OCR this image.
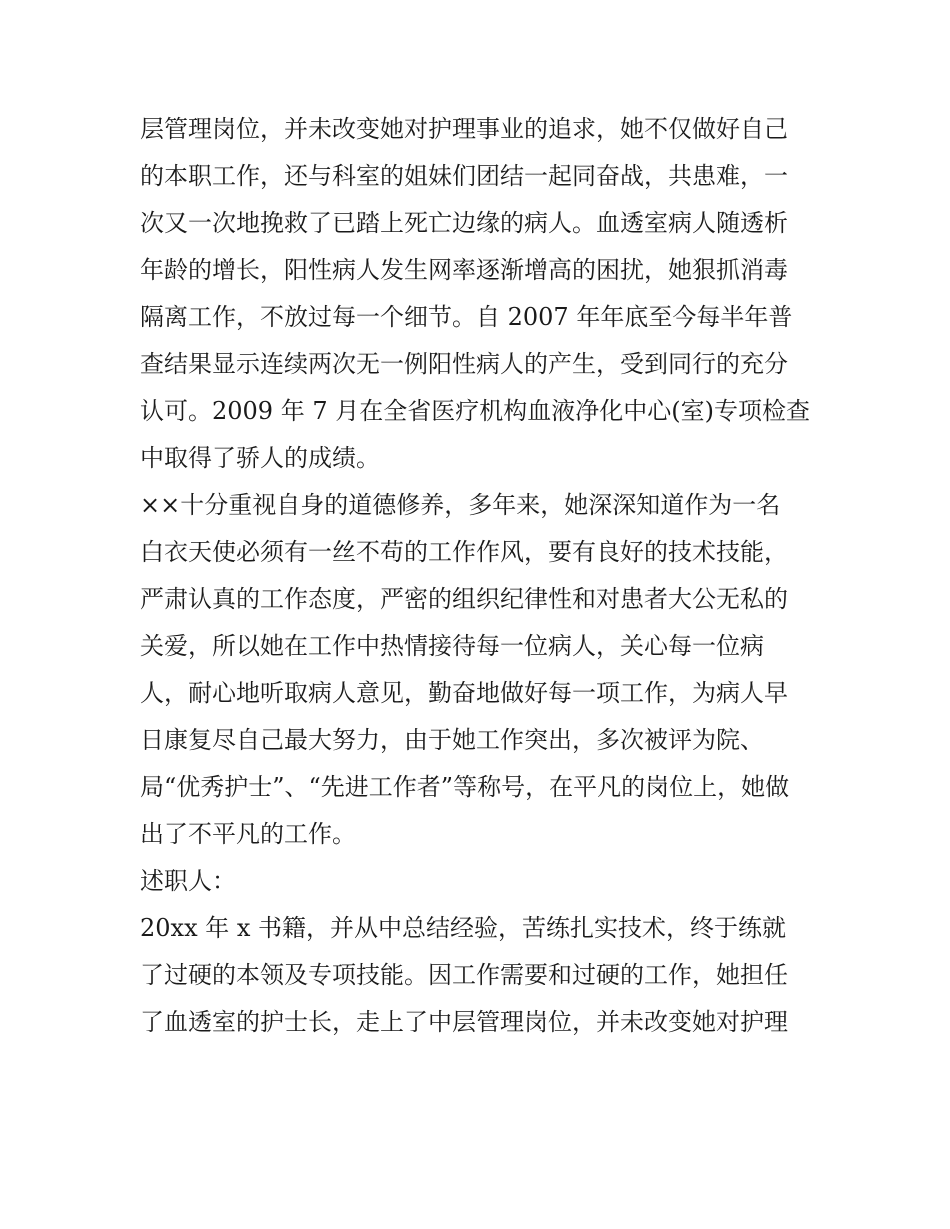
层管理岗位，并未改变她对护理事业的追求，她不仅做好自己
的本职工作，还与科室的姐妹们团结一起同奋战，共患难，一
次又一次地挽救了已踏上死亡边缘的病人。血透室病人随透析
年龄的增长，阳性病人发生网率逐渐增高的困扰，她狠抓消毒
隔离工作，不放过每一个细节。自 2007 年年底至今每半年普
查结果显示连续两次无一例阳性病人的产生，受到同行的充分
认可。2009 年 7 月在全省医疗机构血液净化中心(室)专项检查
中取得了骄人的成绩。
××十分重视自身的道德修养，多年来，她深深知道作为一名
白衣天使必须有一丝不苟的工作作风，要有良好的技术技能，
严肃认真的工作态度，严密的组织纪律性和对患者大公无私的
关爱，所以她在工作中热情接待每一位病人，关心每一位病
人，耐心地听取病人意见，勤奋地做好每一项工作，为病人早
日康复尽自己最大努力，由于她工作突出，多次被评为院、
局“优秀护士”、“先进工作者”等称号，在平凡的岗位上，她做
出了不平凡的工作。
述职人：
20xx 年 x 书籍，并从中总结经验，苦练扎实技术，终于练就
了过硬的本领及专项技能。因工作需要和过硬的工作，她担任
了血透室的护士长，走上了中层管理岗位，并未改变她对护理
